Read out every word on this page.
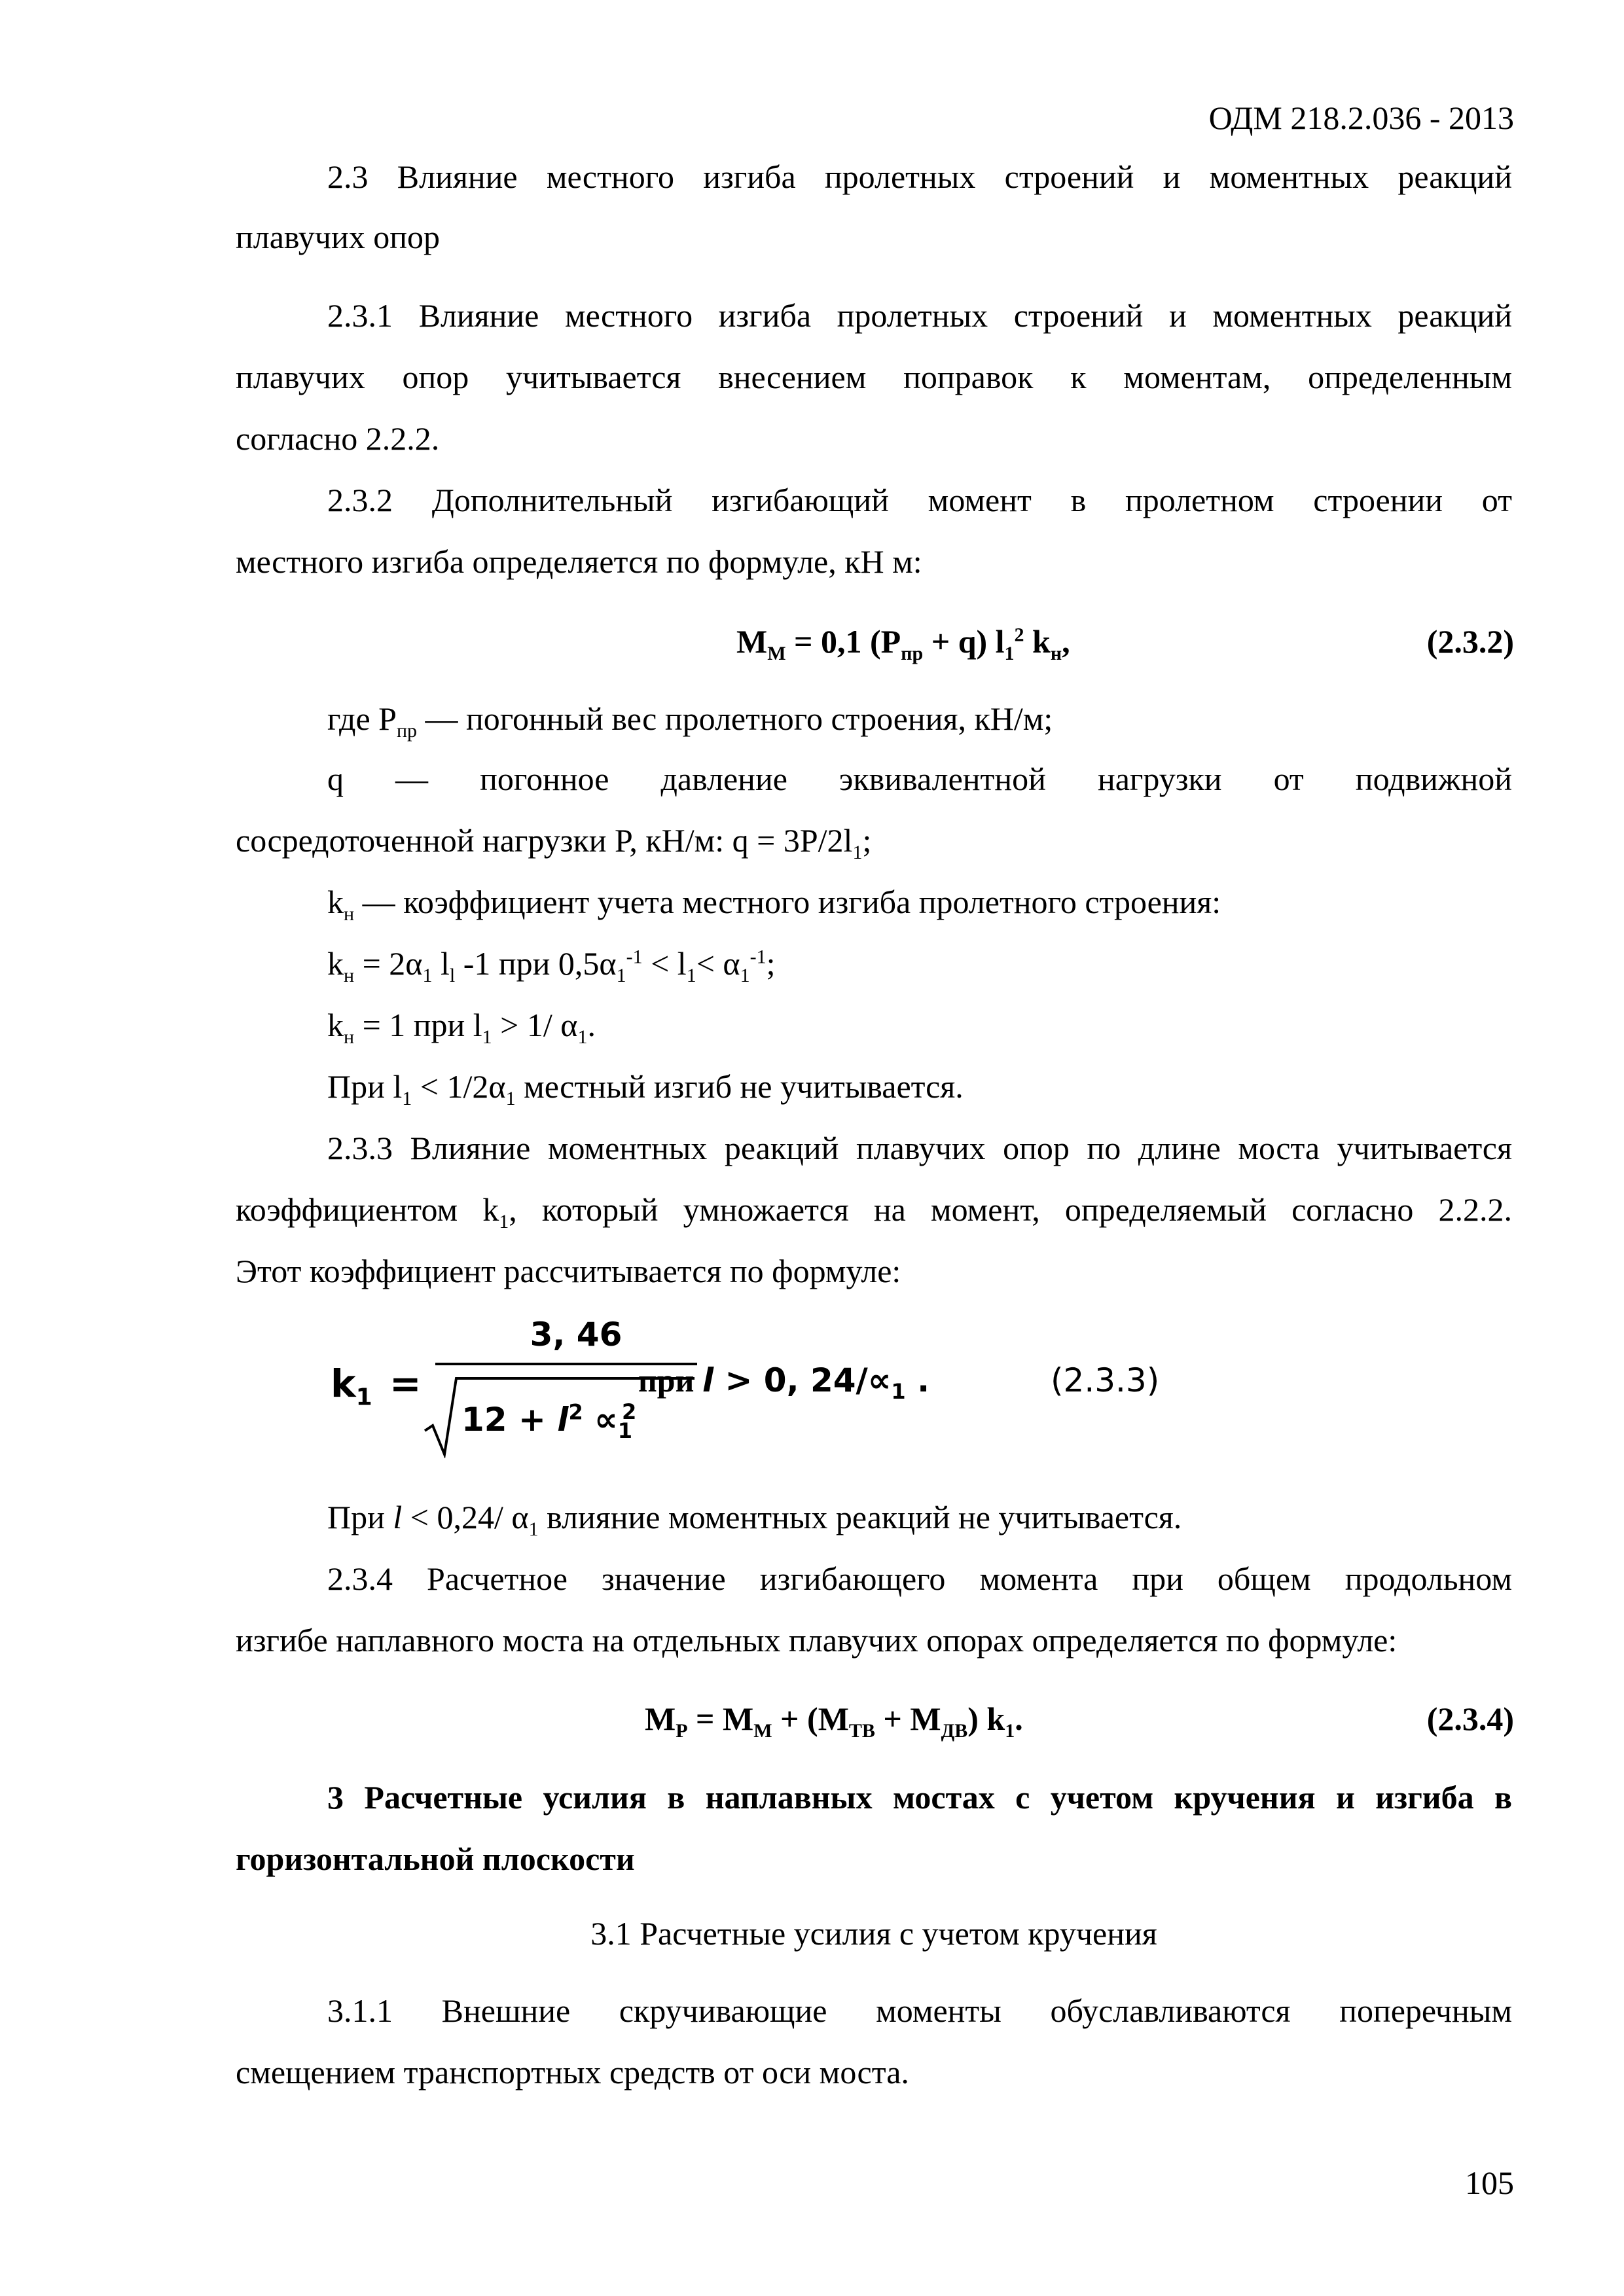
ОДМ 218.2.036 - 2013
2.3 Влияние местного изгиба пролетных строений и моментных реакций
плавучих опор
2.3.1 Влияние местного изгиба пролетных строений и моментных реакций
плавучих опор учитывается внесением поправок к моментам, определенным
согласно 2.2.2.
2.3.2 Дополнительный изгибающий момент в пролетном строении от
местного изгиба определяется по формуле, кН м:
$M_М = 0,1$ $(P_{пр} + q)$ $l_1^2$ $k_н$,	(2.3.2)
где $P_{пр}$ — погонный вес пролетного строения, кН/м;
q — погонное давление эквивалентной нагрузки от подвижной
сосредоточенной нагрузки P, кН/м: $q = 3P/2l_1$;
$k_н$ — коэффициент учета местного изгиба пролетного строения:
$k_н = 2\alpha_1$ $l_l$ -1 при $0,5\alpha_1^{-1} < l_1< \alpha_1^{-1}$;
$k_н = 1$ при $l_1 > 1/$ $\alpha_1$.
При $l_1 < 1/2\alpha_1$ местный изгиб не учитывается.
2.3.3 Влияние моментных реакций плавучих опор по длине моста учитывается
коэффициентом $k_1$, который умножается на момент, определяемый согласно 2.2.2.
Этот коэффициент рассчитывается по формуле:
$k_1$ =
3, 46
$12 + l^2 \propto_1^2$
при l > 0, $24/\propto_1$ .	(2.3.3)
При l < 0,24/ $\alpha_1$ влияние моментных реакций не учитывается.
2.3.4 Расчетное значение изгибающего момента при общем продольном
изгибе наплавного моста на отдельных плавучих опорах определяется по формуле:
$M_P = M_М + (M_{ТВ} + M_{ДВ})$ $k_1$.	(2.3.4)
3 Расчетные усилия в наплавных мостах с учетом кручения и изгиба в
горизонтальной плоскости
3.1 Расчетные усилия с учетом кручения
3.1.1 Внешние скручивающие моменты обуславливаются поперечным
смещением транспортных средств от оси моста.
105
